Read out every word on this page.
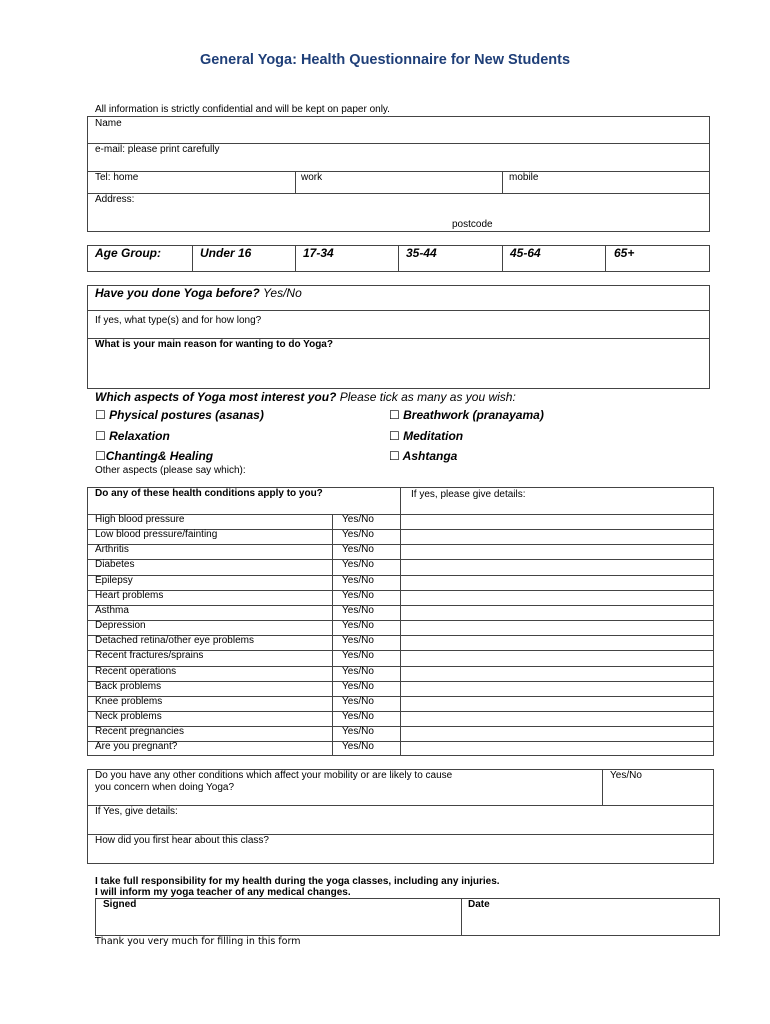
General Yoga: Health Questionnaire for New Students
All information is strictly confidential and will be kept on paper only.
Name
e-mail: please print carefully
Tel: home	work	mobile
Address:
postcode
Age Group:	Under 16	17-34	35-44	45-64	65+
Have you done Yoga before? Yes/No
If yes, what type(s) and for how long?
What is your main reason for wanting to do Yoga?
Which aspects of Yoga most interest you? Please tick as many as you wish:
☐ Physical postures (asanas)
☐ Relaxation
☐Chanting& Healing
☐ Breathwork (pranayama)
☐ Meditation
☐ Ashtanga
Other aspects (please say which):
Do any of these health conditions apply to you?	If yes, please give details:
High blood pressure	Yes/No
Low blood pressure/fainting	Yes/No
Arthritis	Yes/No
Diabetes	Yes/No
Epilepsy	Yes/No
Heart problems	Yes/No
Asthma	Yes/No
Depression	Yes/No
Detached retina/other eye problems	Yes/No
Recent fractures/sprains	Yes/No
Recent operations	Yes/No
Back problems	Yes/No
Knee problems	Yes/No
Neck problems	Yes/No
Recent pregnancies	Yes/No
Are you pregnant?	Yes/No
Do you have any other conditions which affect your mobility or are likely to cause
you concern when doing Yoga?
Yes/No
If Yes, give details:
How did you first hear about this class?
I take full responsibility for my health during the yoga classes, including any injuries.
I will inform my yoga teacher of any medical changes.
Signed	Date
Thank you very much for filling in this form
